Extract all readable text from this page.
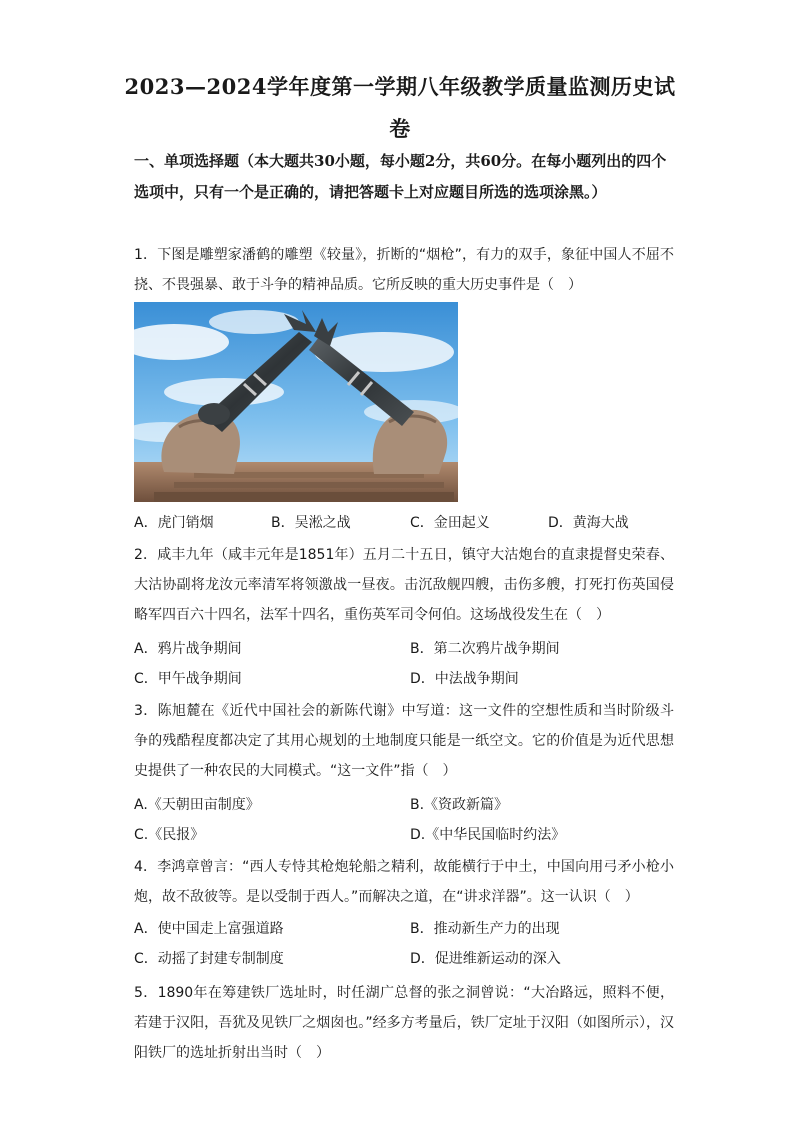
2023—2024学年度第一学期八年级教学质量监测历史试卷
一、单项选择题（本大题共30小题，每小题2分，共60分。在每小题列出的四个选项中，只有一个是正确的，请把答题卡上对应题目所选的选项涂黑。）
1．下图是雕塑家潘鹤的雕塑《较量》，折断的“烟枪”，有力的双手，象征中国人不屈不挠、不畏强暴、敢于斗争的精神品质。它所反映的重大历史事件是（　）
A．虎门销烟	B．吴淞之战	C．金田起义	D．黄海大战
2．咸丰九年（咸丰元年是1851年）五月二十五日，镇守大沽炮台的直隶提督史荣春、大沽协副将龙汝元率清军将领激战一昼夜。击沉敌舰四艘，击伤多艘，打死打伤英国侵略军四百六十四名，法军十四名，重伤英军司令何伯。这场战役发生在（　）
A．鸦片战争期间	B．第二次鸦片战争期间
C．甲午战争期间	D．中法战争期间
3．陈旭麓在《近代中国社会的新陈代谢》中写道：这一文件的空想性质和当时阶级斗争的残酷程度都决定了其用心规划的土地制度只能是一纸空文。它的价值是为近代思想史提供了一种农民的大同模式。“这一文件”指（　）
A.《天朝田亩制度》	B.《资政新篇》
C.《民报》	D.《中华民国临时约法》
4．李鸿章曾言：“西人专恃其枪炮轮船之精利，故能横行于中土，中国向用弓矛小枪小炮，故不敌彼等。是以受制于西人。”而解决之道，在“讲求洋器”。这一认识（　）
A．使中国走上富强道路	B．推动新生产力的出现
C．动摇了封建专制制度	D．促进维新运动的深入
5．1890年在筹建铁厂选址时，时任湖广总督的张之洞曾说：“大冶路远，照料不便，若建于汉阳，吾犹及见铁厂之烟囱也。”经多方考量后，铁厂定址于汉阳（如图所示），汉阳铁厂的选址折射出当时（　）
